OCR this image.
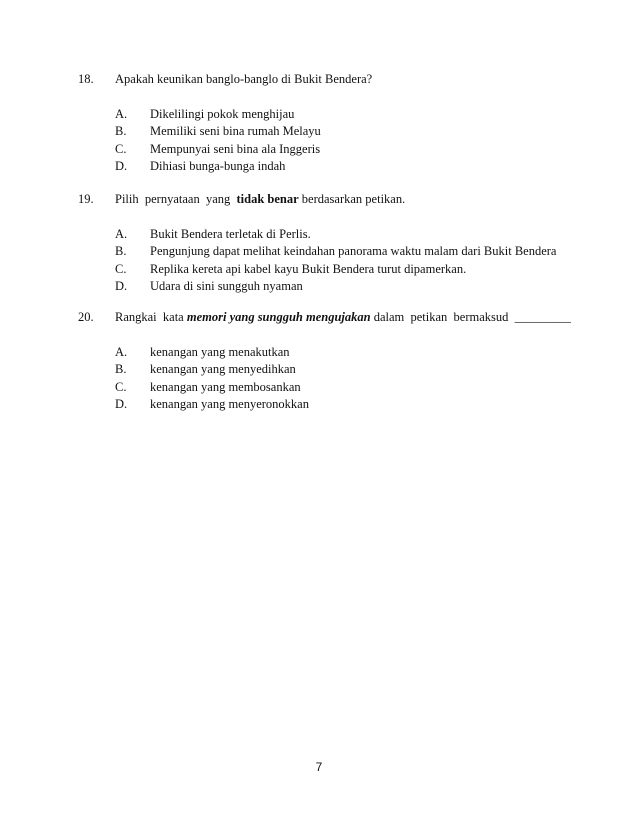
18.	Apakah keunikan banglo-banglo di Bukit Bendera?
A.	Dikelilingi pokok menghijau
B.	Memiliki seni bina rumah Melayu
C.	Mempunyai seni bina ala Inggeris
D.	Dihiasi bunga-bunga indah
19.	Pilih  pernyataan  yang  tidak benar berdasarkan petikan.
A.	Bukit Bendera terletak di Perlis.
B.	Pengunjung dapat melihat keindahan panorama waktu malam dari Bukit Bendera
C.	Replika kereta api kabel kayu Bukit Bendera turut dipamerkan.
D.	Udara di sini sungguh nyaman
20.	Rangkai  kata memori yang sungguh mengujakan dalam  petikan  bermaksud  _________
A.	kenangan yang menakutkan
B.	kenangan yang menyedihkan
C.	kenangan yang membosankan
D.	kenangan yang menyeronokkan
7
